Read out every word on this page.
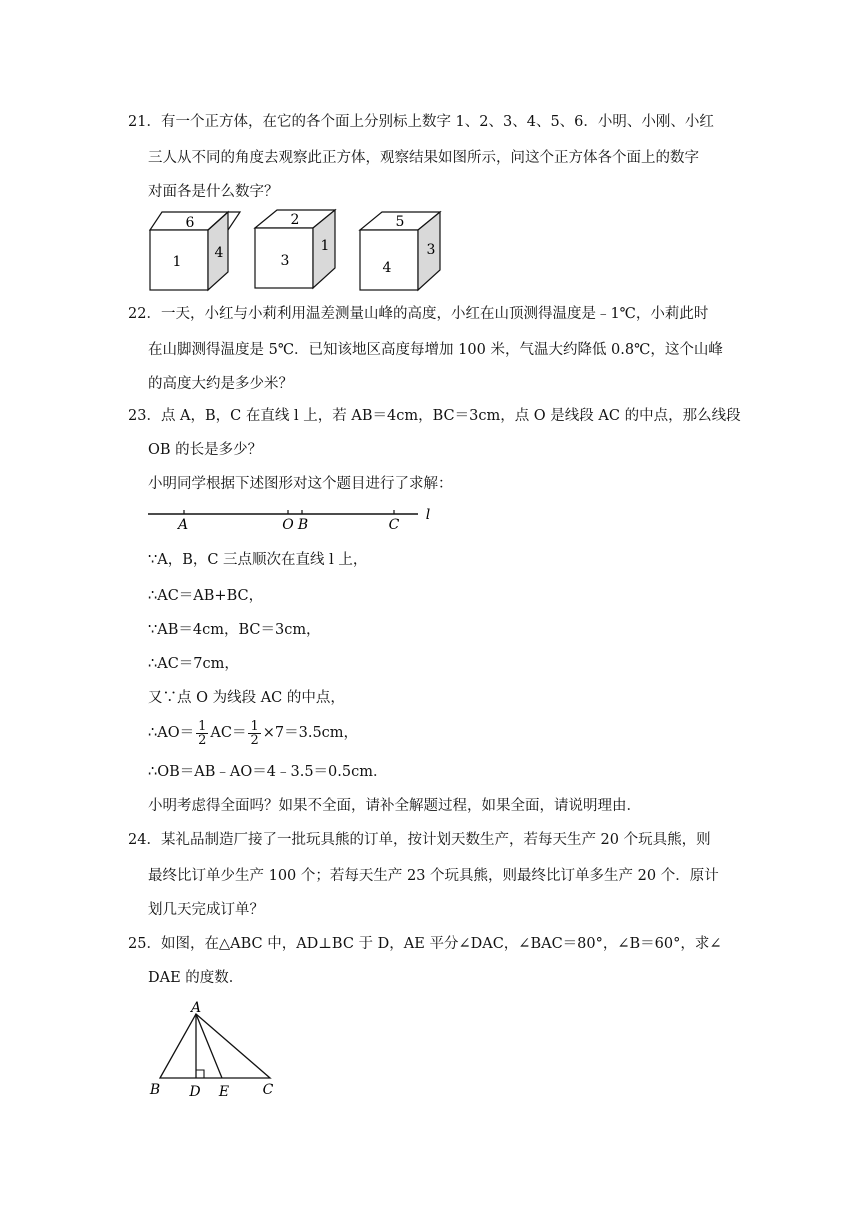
21．有一个正方体，在它的各个面上分别标上数字 1、2、3、4、5、6．小明、小刚、小红
三人从不同的角度去观察此正方体，观察结果如图所示，问这个正方体各个面上的数字
对面各是什么数字？
6
1
4
2
3
1
5
4
3
22．一天，小红与小莉利用温差测量山峰的高度，小红在山顶测得温度是﹣1℃，小莉此时
在山脚测得温度是 5℃．已知该地区高度每增加 100 米，气温大约降低 0.8℃，这个山峰
的高度大约是多少米？
23．点 A，B，C 在直线 l 上，若 AB＝4cm，BC＝3cm，点 O 是线段 AC 的中点，那么线段
OB 的长是多少？
小明同学根据下述图形对这个题目进行了求解：
A	O B	C
l
∵A，B，C 三点顺次在直线 l 上，
∴AC＝AB+BC，
∵AB＝4cm，BC＝3cm，
∴AC＝7cm，
又∵点 O 为线段 AC 的中点，
∴AO＝ $\frac{1}{2} AC= \frac{1}{2} \times 7=3.5cm$，
∴OB＝AB﹣AO＝4﹣3.5＝0.5cm．
小明考虑得全面吗？如果不全面，请补全解题过程，如果全面，请说明理由．
24．某礼品制造厂接了一批玩具熊的订单，按计划天数生产，若每天生产 20 个玩具熊，则
最终比订单少生产 100 个；若每天生产 23 个玩具熊，则最终比订单多生产 20 个．原计
划几天完成订单？
25．如图，在△ABC 中，AD⊥BC 于 D，AE 平分∠DAC，∠BAC＝80°，∠B＝60°，求∠
DAE 的度数．
A
B D E C
